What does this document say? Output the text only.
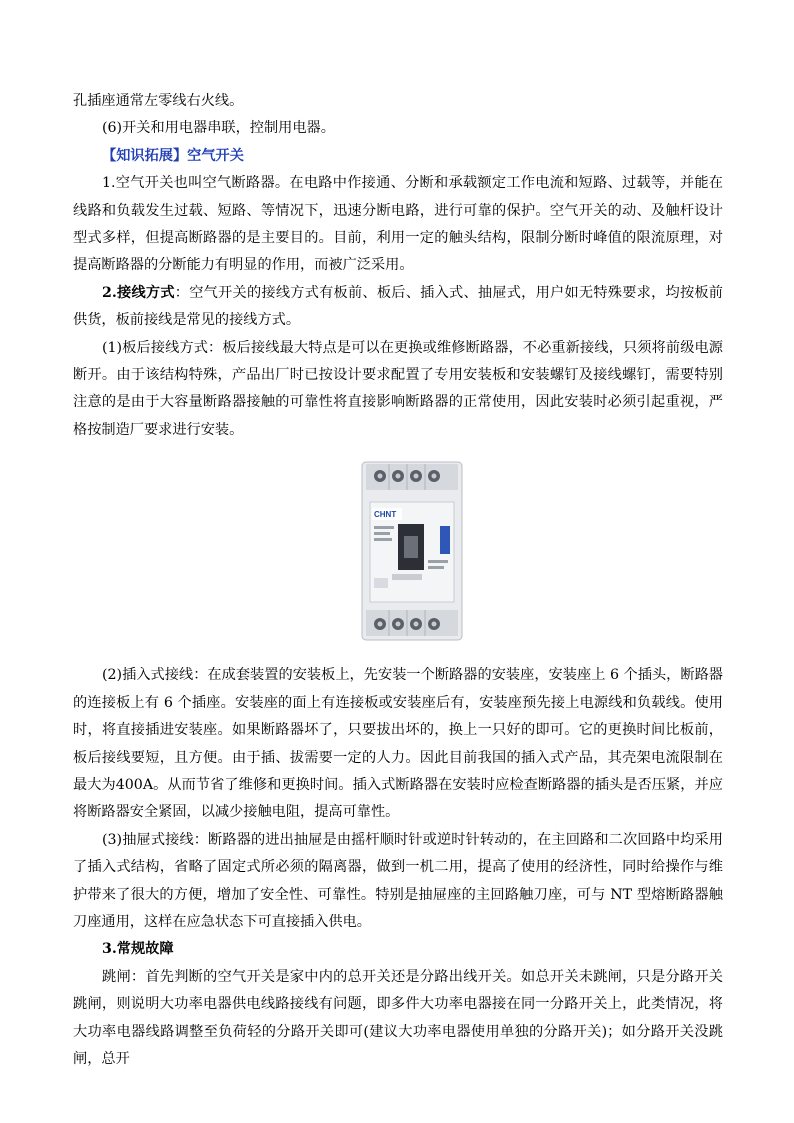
孔插座通常左零线右火线。

(6)开关和用电器串联，控制用电器。

【知识拓展】空气开关

1.空气开关也叫空气断路器。在电路中作接通、分断和承载额定工作电流和短路、过载等，并能在线路和负载发生过载、短路、等情况下，迅速分断电路，进行可靠的保护。空气开关的动、及触杆设计型式多样，但提高断路器的是主要目的。目前，利用一定的触头结构，限制分断时峰值的限流原理，对提高断路器的分断能力有明显的作用，而被广泛采用。

2.接线方式：空气开关的接线方式有板前、板后、插入式、抽屉式，用户如无特殊要求，均按板前供货，板前接线是常见的接线方式。

(1)板后接线方式：板后接线最大特点是可以在更换或维修断路器，不必重新接线，只须将前级电源断开。由于该结构特殊，产品出厂时已按设计要求配置了专用安装板和安装螺钉及接线螺钉，需要特别注意的是由于大容量断路器接触的可靠性将直接影响断路器的正常使用，因此安装时必须引起重视，严格按制造厂要求进行安装。

CHNT

(2)插入式接线：在成套装置的安装板上，先安装一个断路器的安装座，安装座上 6 个插头，断路器的连接板上有 6 个插座。安装座的面上有连接板或安装座后有，安装座预先接上电源线和负载线。使用时，将直接插进安装座。如果断路器坏了，只要拔出坏的，换上一只好的即可。它的更换时间比板前，板后接线要短，且方便。由于插、拔需要一定的人力。因此目前我国的插入式产品，其壳架电流限制在最大为400A。从而节省了维修和更换时间。插入式断路器在安装时应检查断路器的插头是否压紧，并应将断路器安全紧固，以减少接触电阻，提高可靠性。

(3)抽屉式接线：断路器的进出抽屉是由摇杆顺时针或逆时针转动的，在主回路和二次回路中均采用了插入式结构，省略了固定式所必须的隔离器，做到一机二用，提高了使用的经济性，同时给操作与维护带来了很大的方便，增加了安全性、可靠性。特别是抽屉座的主回路触刀座，可与 NT 型熔断路器触刀座通用，这样在应急状态下可直接插入供电。

3.常规故障

跳闸：首先判断的空气开关是家中内的总开关还是分路出线开关。如总开关未跳闸，只是分路开关跳闸，则说明大功率电器供电线路接线有问题，即多件大功率电器接在同一分路开关上，此类情况，将大功率电器线路调整至负荷轻的分路开关即可(建议大功率电器使用单独的分路开关)；如分路开关没跳闸，总开
